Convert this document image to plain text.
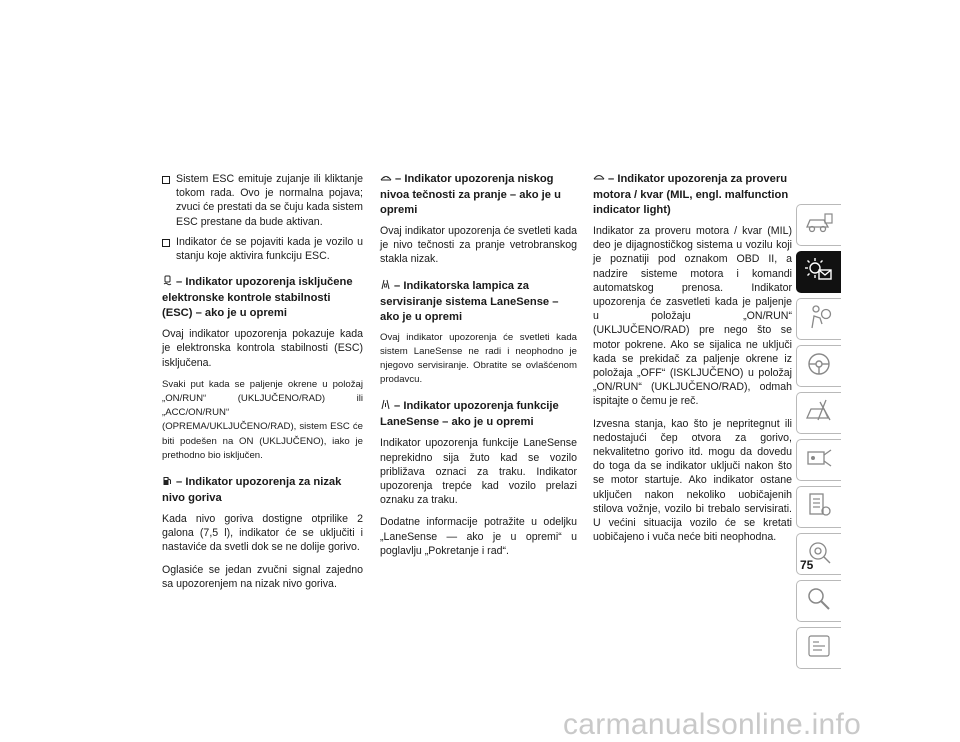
Sistem ESC emituje zujanje ili kliktanje tokom rada. Ovo je normalna pojava; zvuci će prestati da se čuju kada sistem ESC prestane da bude aktivan.
Indikator će se pojaviti kada je vozilo u stanju koje aktivira funkciju ESC.
– Indikator upozorenja isključene elektronske kontrole stabilnosti (ESC) – ako je u opremi

Ovaj indikator upozorenja pokazuje kada je elektronska kontrola stabilnosti (ESC) isključena.

Svaki put kada se paljenje okrene u položaj „ON/RUN“ (UKLJUČENO/RAD) ili „ACC/ON/RUN“ (OPREMA/UKLJUČENO/RAD), sistem ESC će biti podešen na ON (UKLJUČENO), iako je prethodno bio isključen.

– Indikator upozorenja za nizak nivo goriva

Kada nivo goriva dostigne otprilike 2 galona (7,5 l), indikator će se uključiti i nastaviće da svetli dok se ne dolije gorivo.

Oglasiće se jedan zvučni signal zajedno sa upozorenjem na nizak nivo goriva.

– Indikator upozorenja niskog nivoa tečnosti za pranje – ako je u opremi

Ovaj indikator upozorenja će svetleti kada je nivo tečnosti za pranje vetrobranskog stakla nizak.

– Indikatorska lampica za servisiranje sistema LaneSense – ako je u opremi

Ovaj indikator upozorenja će svetleti kada sistem LaneSense ne radi i neophodno je njegovo servisiranje. Obratite se ovlašćenom prodavcu.

– Indikator upozorenja funkcije LaneSense – ako je u opremi

Indikator upozorenja funkcije LaneSense neprekidno sija žuto kad se vozilo približava oznaci za traku. Indikator upozorenja trepće kad vozilo prelazi oznaku za traku.

Dodatne informacije potražite u odeljku „LaneSense — ako je u opremi“ u poglavlju „Pokretanje i rad“.

– Indikator upozorenja za proveru motora / kvar (MIL, engl. malfunction indicator light)

Indikator za proveru motora / kvar (MIL) deo je dijagnostičkog sistema u vozilu koji je poznatiji pod oznakom OBD II, a nadzire sisteme motora i komandi automatskog prenosa. Indikator upozorenja će zasvetleti kada je paljenje u položaju „ON/RUN“ (UKLJUČENO/RAD) pre nego što se motor pokrene. Ako se sijalica ne uključi kada se prekidač za paljenje okrene iz položaja „OFF“ (ISKLJUČENO) u položaj „ON/RUN“ (UKLJUČENO/RAD), odmah ispitajte o čemu je reč.

Izvesna stanja, kao što je nepritegnut ili nedostajući čep otvora za gorivo, nekvalitetno gorivo itd. mogu da dovedu do toga da se indikator uključi nakon što se motor startuje. Ako indikator ostane uključen nakon nekoliko uobičajenih stilova vožnje, vozilo bi trebalo servisirati. U većini situacija vozilo će se kretati uobičajeno i vuča neće biti neophodna.

75
carmanualsonline.info
